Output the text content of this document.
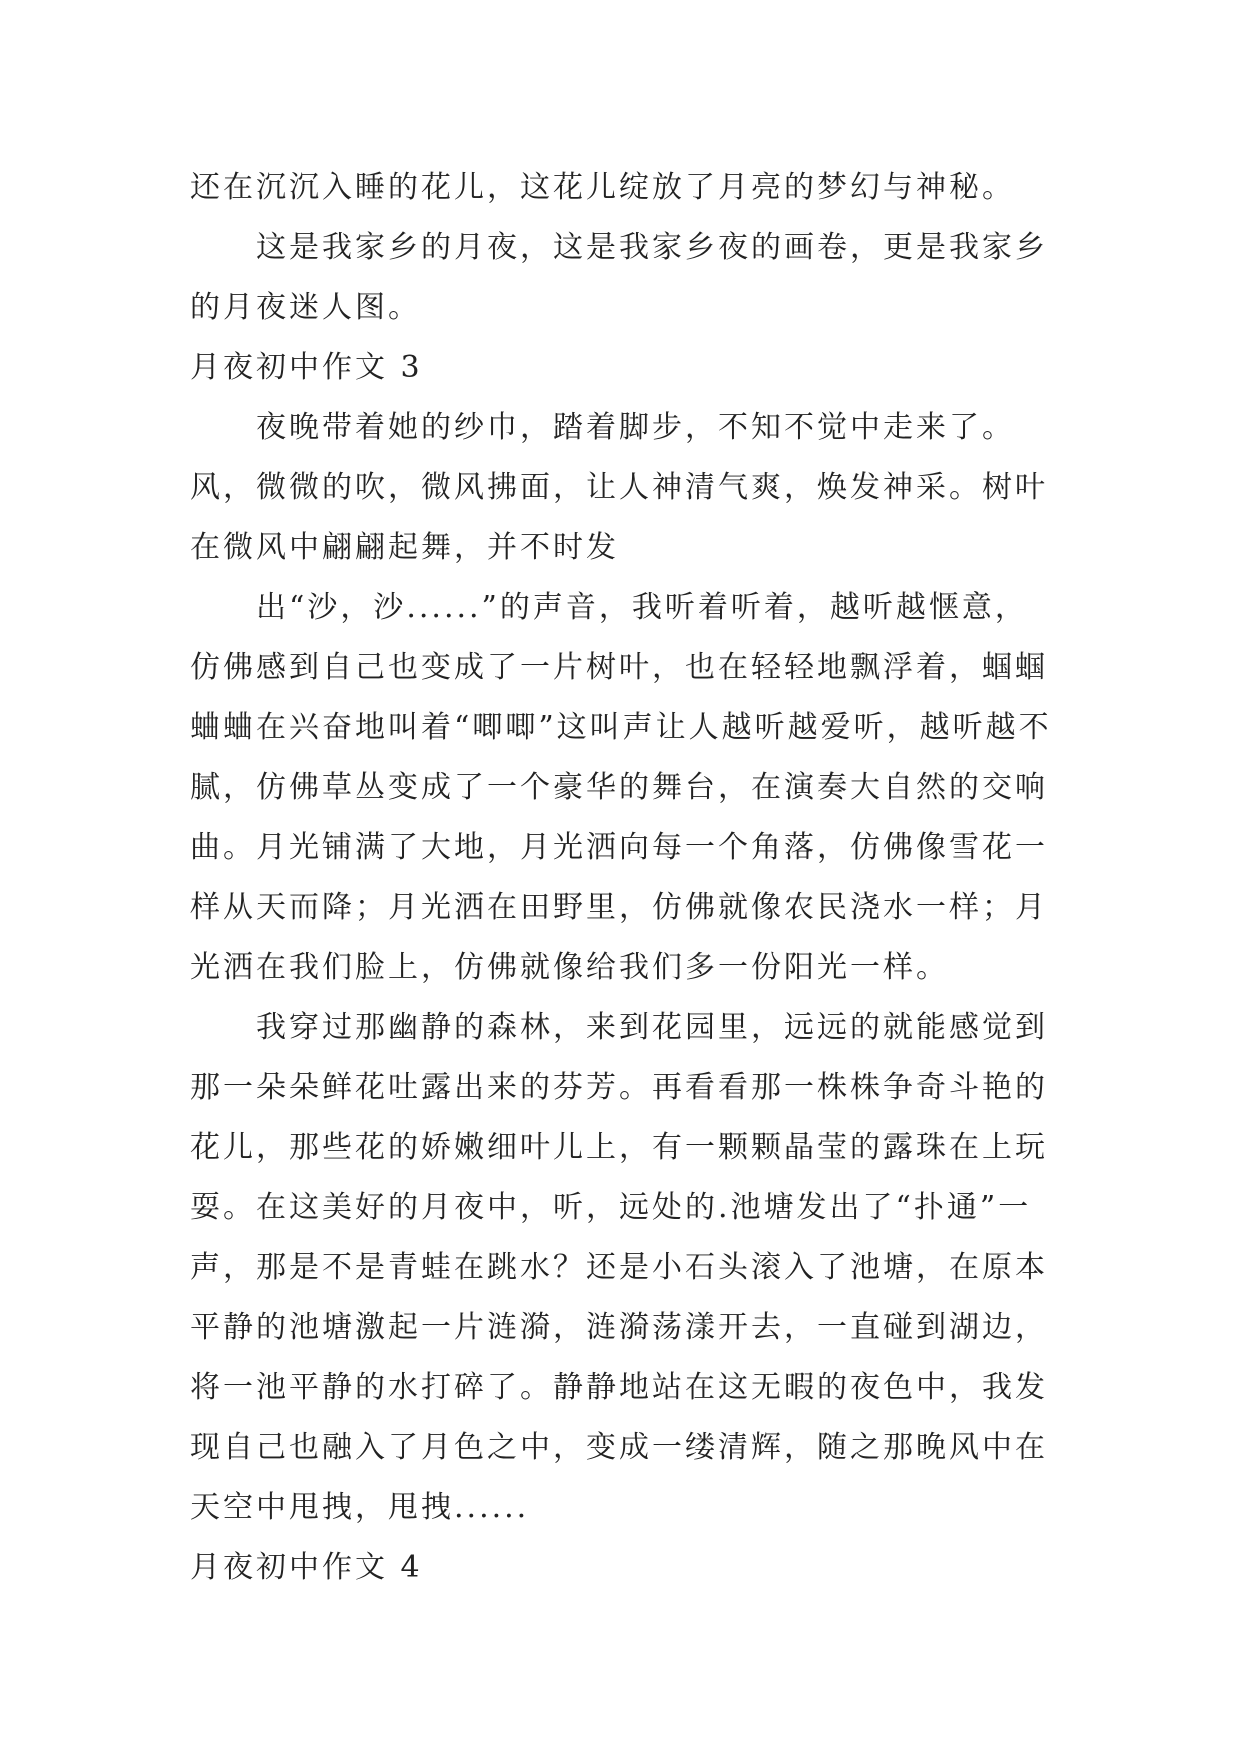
还在沉沉入睡的花儿，这花儿绽放了月亮的梦幻与神秘。

这是我家乡的月夜，这是我家乡夜的画卷，更是我家乡的月夜迷人图。

月夜初中作文 3

夜晚带着她的纱巾，踏着脚步，不知不觉中走来了。风，微微的吹，微风拂面，让人神清气爽，焕发神采。树叶在微风中翩翩起舞，并不时发

出“沙，沙......”的声音，我听着听着，越听越惬意，仿佛感到自己也变成了一片树叶，也在轻轻地飘浮着，蝈蝈蛐蛐在兴奋地叫着“唧唧”这叫声让人越听越爱听，越听越不腻，仿佛草丛变成了一个豪华的舞台，在演奏大自然的交响曲。月光铺满了大地，月光洒向每一个角落，仿佛像雪花一样从天而降；月光洒在田野里，仿佛就像农民浇水一样；月光洒在我们脸上，仿佛就像给我们多一份阳光一样。

我穿过那幽静的森林，来到花园里，远远的就能感觉到那一朵朵鲜花吐露出来的芬芳。再看看那一株株争奇斗艳的花儿，那些花的娇嫩细叶儿上，有一颗颗晶莹的露珠在上玩耍。在这美好的月夜中，听，远处的.池塘发出了“扑通”一声，那是不是青蛙在跳水？还是小石头滚入了池塘，在原本平静的池塘激起一片涟漪，涟漪荡漾开去，一直碰到湖边，将一池平静的水打碎了。静静地站在这无暇的夜色中，我发现自己也融入了月色之中，变成一缕清辉，随之那晚风中在天空中甩拽，甩拽......

月夜初中作文 4
